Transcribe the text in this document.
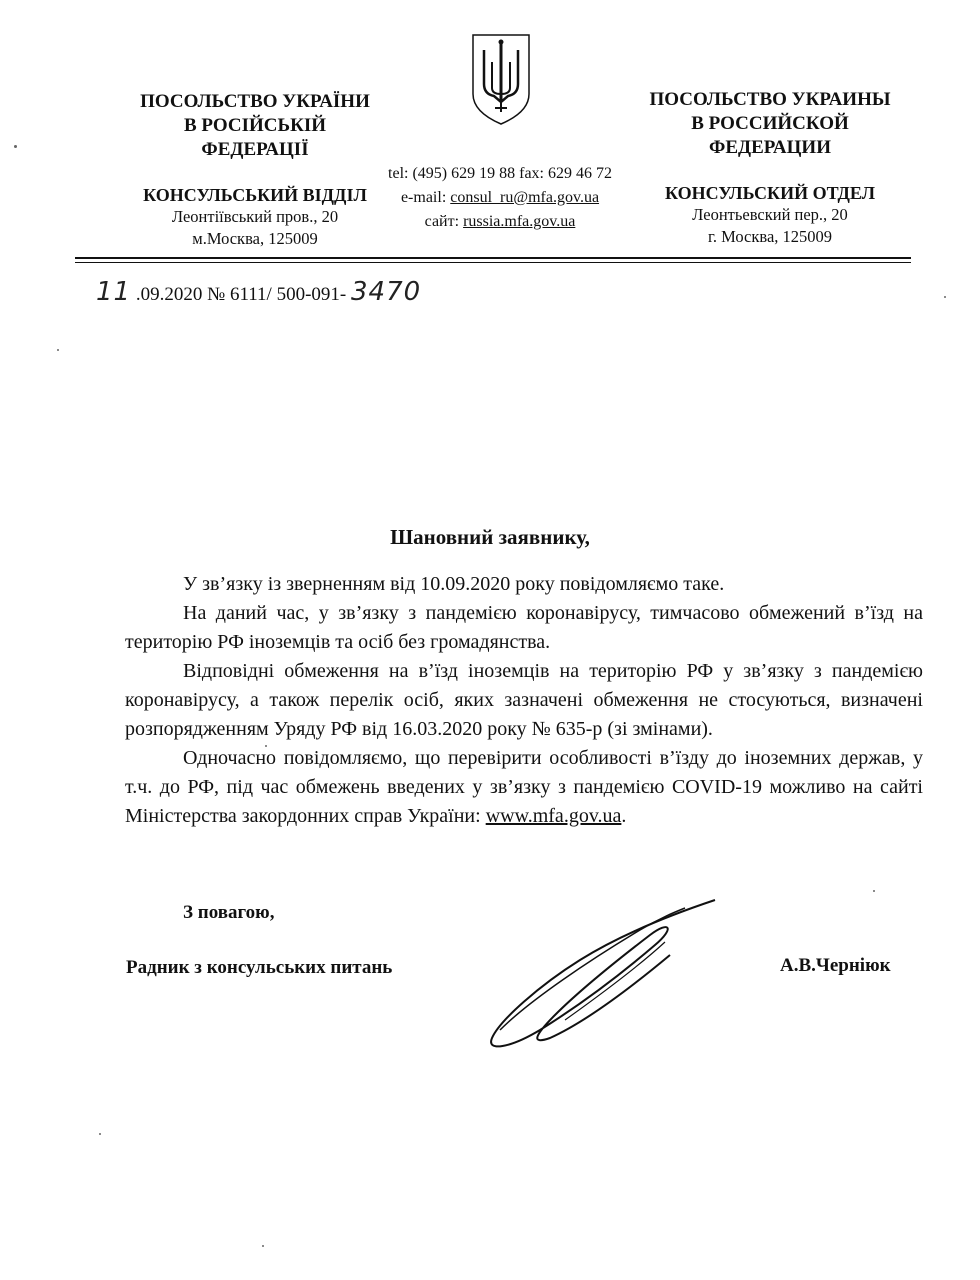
ПОСОЛЬСТВО УКРАЇНИ
В РОСІЙСЬКІЙ
ФЕДЕРАЦІЇ
КОНСУЛЬСЬКИЙ ВІДДІЛ
Леонтіївський пров., 20
м.Москва, 125009
ПОСОЛЬСТВО УКРАИНЫ
В РОССИЙСКОЙ
ФЕДЕРАЦИИ
КОНСУЛЬСКИЙ ОТДЕЛ
Леонтьевский пер., 20
г. Москва, 125009
tel: (495) 629 19 88 fax: 629 46 72
e-mail: consul_ru@mfa.gov.ua
сайт: russia.mfa.gov.ua
11 .09.2020 № 6111/ 500-091- 3470
Шановний заявнику,

У зв’язку із зверненням від 10.09.2020 року повідомляємо таке.

На даний час, у зв’язку з пандемією коронавірусу, тимчасово обмежений в’їзд на територію РФ іноземців та осіб без громадянства.

Відповідні обмеження на в’їзд іноземців на територію РФ у зв’язку з пандемією коронавірусу, а також перелік осіб, яких зазначені обмеження не стосуються, визначені розпорядженням Уряду РФ від 16.03.2020 року № 635-р (зі змінами).

Одночасно повідомляємо, що перевірити особливості в’їзду до іноземних держав, у т.ч. до РФ, під час обмежень введених у зв’язку з пандемією COVID-19 можливо на сайті Міністерства закордонних справ України: www.mfa.gov.ua.

З повагою,
Радник з консульських питань	А.В.Чернiюк
